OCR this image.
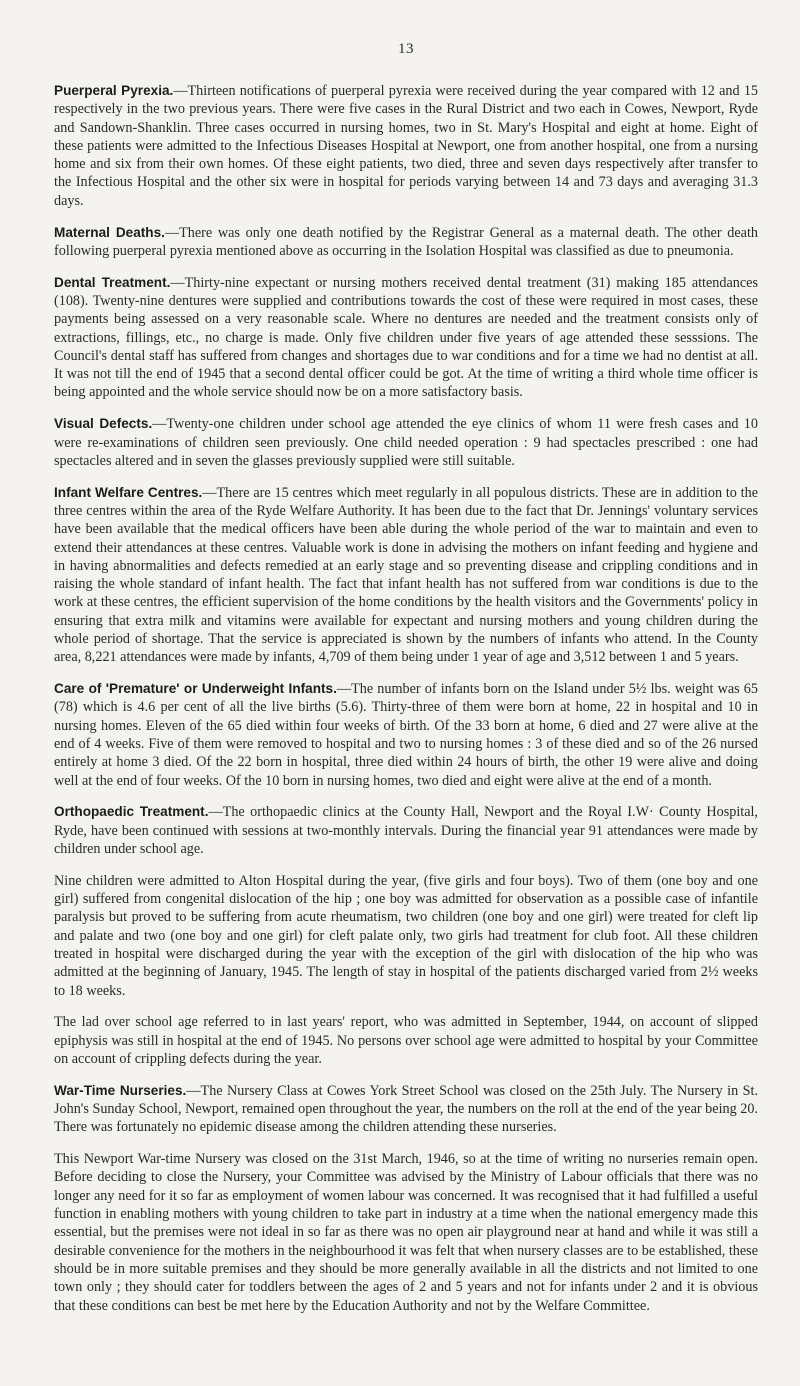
13

Puerperal Pyrexia.—Thirteen notifications of puerperal pyrexia were received during the year compared with 12 and 15 respectively in the two previous years. There were five cases in the Rural District and two each in Cowes, Newport, Ryde and Sandown-Shanklin. Three cases occurred in nursing homes, two in St. Mary's Hospital and eight at home. Eight of these patients were admitted to the Infectious Diseases Hospital at Newport, one from another hospital, one from a nursing home and six from their own homes. Of these eight patients, two died, three and seven days respectively after transfer to the Infectious Hospital and the other six were in hospital for periods varying between 14 and 73 days and averaging 31.3 days.

Maternal Deaths.—There was only one death notified by the Registrar General as a maternal death. The other death following puerperal pyrexia mentioned above as occurring in the Isolation Hospital was classified as due to pneumonia.

Dental Treatment.—Thirty-nine expectant or nursing mothers received dental treatment (31) making 185 attendances (108). Twenty-nine dentures were supplied and contributions towards the cost of these were required in most cases, these payments being assessed on a very reasonable scale. Where no dentures are needed and the treatment consists only of extractions, fillings, etc., no charge is made. Only five children under five years of age attended these sesssions. The Council's dental staff has suffered from changes and shortages due to war conditions and for a time we had no dentist at all. It was not till the end of 1945 that a second dental officer could be got. At the time of writing a third whole time officer is being appointed and the whole service should now be on a more satisfactory basis.

Visual Defects.—Twenty-one children under school age attended the eye clinics of whom 11 were fresh cases and 10 were re-examinations of children seen previously. One child needed operation : 9 had spectacles prescribed : one had spectacles altered and in seven the glasses previously supplied were still suitable.

Infant Welfare Centres.—There are 15 centres which meet regularly in all populous districts. These are in addition to the three centres within the area of the Ryde Welfare Authority. It has been due to the fact that Dr. Jennings' voluntary services have been available that the medical officers have been able during the whole period of the war to maintain and even to extend their attendances at these centres. Valuable work is done in advising the mothers on infant feeding and hygiene and in having abnormalities and defects remedied at an early stage and so preventing disease and crippling conditions and in raising the whole standard of infant health. The fact that infant health has not suffered from war conditions is due to the work at these centres, the efficient supervision of the home conditions by the health visitors and the Governments' policy in ensuring that extra milk and vitamins were available for expectant and nursing mothers and young children during the whole period of shortage. That the service is appreciated is shown by the numbers of infants who attend. In the County area, 8,221 attendances were made by infants, 4,709 of them being under 1 year of age and 3,512 between 1 and 5 years.

Care of 'Premature' or Underweight Infants.—The number of infants born on the Island under 5½ lbs. weight was 65 (78) which is 4.6 per cent of all the live births (5.6). Thirty-three of them were born at home, 22 in hospital and 10 in nursing homes. Eleven of the 65 died within four weeks of birth. Of the 33 born at home, 6 died and 27 were alive at the end of 4 weeks. Five of them were removed to hospital and two to nursing homes : 3 of these died and so of the 26 nursed entirely at home 3 died. Of the 22 born in hospital, three died within 24 hours of birth, the other 19 were alive and doing well at the end of four weeks. Of the 10 born in nursing homes, two died and eight were alive at the end of a month.

Orthopaedic Treatment.—The orthopaedic clinics at the County Hall, Newport and the Royal I.W· County Hospital, Ryde, have been continued with sessions at two-monthly intervals. During the financial year 91 attendances were made by children under school age.

Nine children were admitted to Alton Hospital during the year, (five girls and four boys). Two of them (one boy and one girl) suffered from congenital dislocation of the hip ; one boy was admitted for observation as a possible case of infantile paralysis but proved to be suffering from acute rheumatism, two children (one boy and one girl) were treated for cleft lip and palate and two (one boy and one girl) for cleft palate only, two girls had treatment for club foot. All these children treated in hospital were discharged during the year with the exception of the girl with dislocation of the hip who was admitted at the beginning of January, 1945. The length of stay in hospital of the patients discharged varied from 2½ weeks to 18 weeks.

The lad over school age referred to in last years' report, who was admitted in September, 1944, on account of slipped epiphysis was still in hospital at the end of 1945. No persons over school age were admitted to hospital by your Committee on account of crippling defects during the year.

War-Time Nurseries.—The Nursery Class at Cowes York Street School was closed on the 25th July. The Nursery in St. John's Sunday School, Newport, remained open throughout the year, the numbers on the roll at the end of the year being 20. There was fortunately no epidemic disease among the children attending these nurseries.

This Newport War-time Nursery was closed on the 31st March, 1946, so at the time of writing no nurseries remain open. Before deciding to close the Nursery, your Committee was advised by the Ministry of Labour officials that there was no longer any need for it so far as employment of women labour was concerned. It was recognised that it had fulfilled a useful function in enabling mothers with young children to take part in industry at a time when the national emergency made this essential, but the premises were not ideal in so far as there was no open air playground near at hand and while it was still a desirable convenience for the mothers in the neighbourhood it was felt that when nursery classes are to be established, these should be in more suitable premises and they should be more generally available in all the districts and not limited to one town only ; they should cater for toddlers between the ages of 2 and 5 years and not for infants under 2 and it is obvious that these conditions can best be met here by the Education Authority and not by the Welfare Committee.
